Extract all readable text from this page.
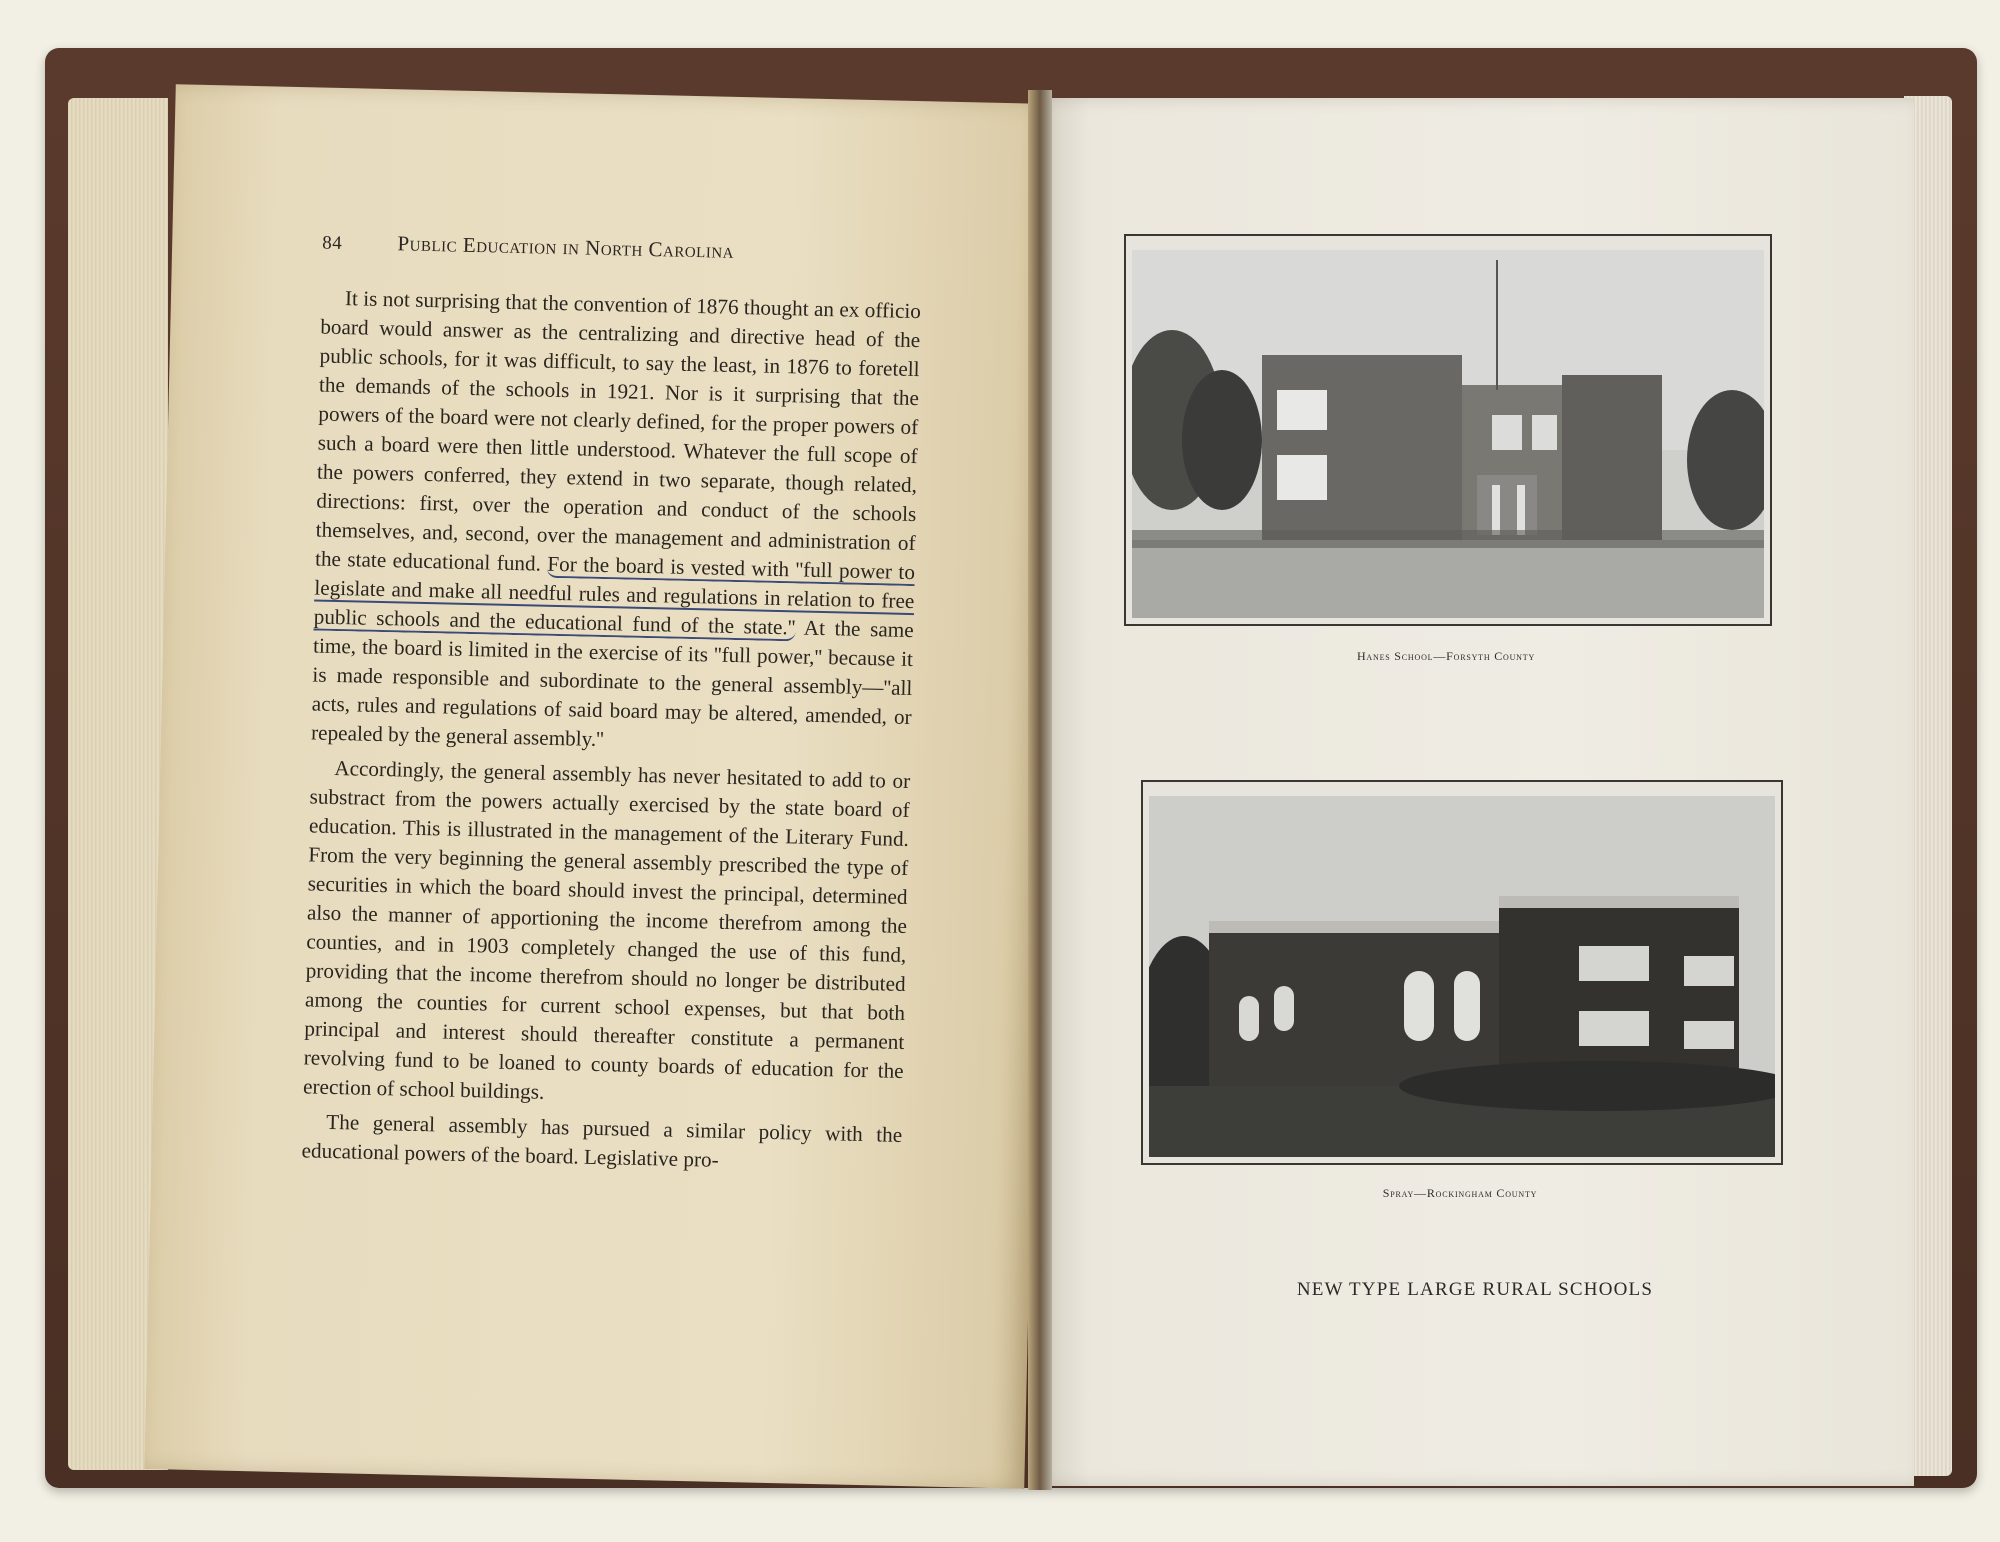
84	Public Education in North Carolina

It is not surprising that the convention of 1876 thought an ex officio board would answer as the centralizing and directive head of the public schools, for it was difficult, to say the least, in 1876 to foretell the demands of the schools in 1921. Nor is it surprising that the powers of the board were not clearly defined, for the proper powers of such a board were then little understood. Whatever the full scope of the powers conferred, they extend in two separate, though related, directions: first, over the operation and conduct of the schools themselves, and, second, over the management and administration of the state educational fund. For the board is vested with ''full power to legislate and make all needful rules and regulations in relation to free public schools and the educational fund of the state.'' At the same time, the board is limited in the exercise of its ''full power,'' because it is made responsible and subordinate to the general assembly—''all acts, rules and regulations of said board may be altered, amended, or repealed by the general assembly.''

Accordingly, the general assembly has never hesitated to add to or substract from the powers actually exercised by the state board of education. This is illustrated in the management of the Literary Fund. From the very beginning the general assembly prescribed the type of securities in which the board should invest the principal, determined also the manner of apportioning the income therefrom among the counties, and in 1903 completely changed the use of this fund, providing that the income therefrom should no longer be distributed among the counties for current school expenses, but that both principal and interest should thereafter constitute a permanent revolving fund to be loaned to county boards of education for the erection of school buildings.

The general assembly has pursued a similar policy with the educational powers of the board. Legislative pro-

Hanes School—Forsyth County
Spray—Rockingham County
NEW TYPE LARGE RURAL SCHOOLS
